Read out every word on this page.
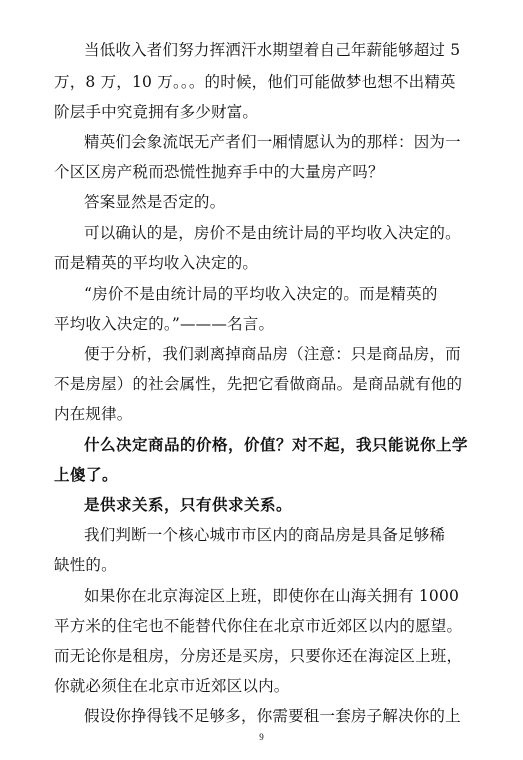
当低收入者们努力挥洒汗水期望着自己年薪能够超过 5
万，8 万，10 万。。。的时候，他们可能做梦也想不出精英
阶层手中究竟拥有多少财富。
精英们会象流氓无产者们一厢情愿认为的那样：因为一
个区区房产税而恐慌性抛弃手中的大量房产吗？
答案显然是否定的。
可以确认的是，房价不是由统计局的平均收入决定的。
而是精英的平均收入决定的。
“房价不是由统计局的平均收入决定的。而是精英的
平均收入决定的。”———名言。
便于分析，我们剥离掉商品房（注意：只是商品房，而
不是房屋）的社会属性，先把它看做商品。是商品就有他的
内在规律。
什么决定商品的价格，价值？对不起，我只能说你上学
上傻了。
是供求关系，只有供求关系。
我们判断一个核心城市市区内的商品房是具备足够稀
缺性的。
如果你在北京海淀区上班，即使你在山海关拥有 1000
平方米的住宅也不能替代你住在北京市近郊区以内的愿望。
而无论你是租房，分房还是买房，只要你还在海淀区上班，
你就必须住在北京市近郊区以内。
假设你挣得钱不足够多，你需要租一套房子解决你的上
9
